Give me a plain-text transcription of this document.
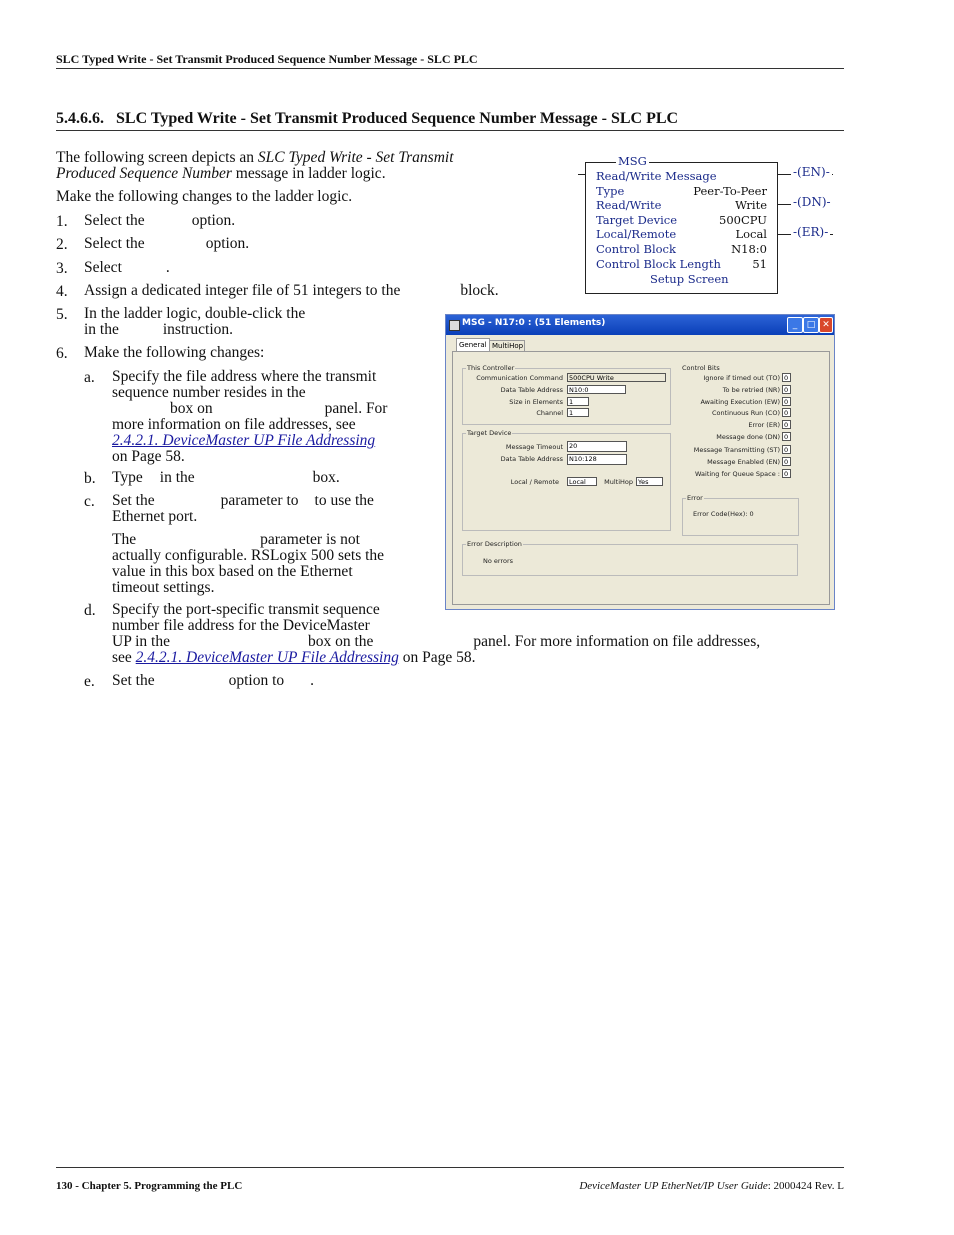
SLC Typed Write - Set Transmit Produced Sequence Number Message - SLC PLC
5.4.6.6. SLC Typed Write - Set Transmit Produced Sequence Number Message - SLC PLC
The following screen depicts an SLC Typed Write - Set Transmit
Produced Sequence Number message in ladder logic.
Make the following changes to the ladder logic.
1. Select the	option.
2. Select the	option.
3. Select	.
4. Assign a dedicated integer file of 51 integers to the	block.
5. In the ladder logic, double-click the
in the	instruction.
6. Make the following changes:
a. Specify the file address where the transmit
sequence number resides in the
box on	panel. For
more information on file addresses, see
2.4.2.1. DeviceMaster UP File Addressing
on Page 58.
b. Type in the	box.
c. Set the	parameter to to use the
Ethernet port.
The	parameter is not
actually configurable. RSLogix 500 sets the
value in this box based on the Ethernet
timeout settings.
d. Specify the port-specific transmit sequence
number file address for the DeviceMaster
UP in the	box on the	panel. For more information on file addresses,
see 2.4.2.1. DeviceMaster UP File Addressing on Page 58.
e. Set the	option to .
MSG
Read/Write Message
Type	Peer-To-Peer
Read/Write	Write
Target Device	500CPU
Local/Remote	Local
Control Block	N18:0
Control Block Length	51
Setup Screen
-(EN)-
-(DN)-
-(ER)-
MSG - N17:0 : (51 Elements)	_	□ ✕
General MultiHop
This Controller
Communication Command 500CPU Write
Data Table Address N10:0
Size in Elements 1
Channel 1
Target Device
Message Timeout 20
Data Table Address N10:128
Local / Remote	Local	MultiHop Yes
Control Bits
Ignore if timed out (TO) 0
To be retried (NR) 0
Awaiting Execution (EW) 0
Continuous Run (CO) 0
Error (ER) 0
Message done (DN) 0
Message Transmitting (ST) 0
Message Enabled (EN) 0
Waiting for Queue Space : 0
Error
Error Code(Hex): 0
Error Description
No errors
130 - Chapter 5. Programming the PLC	DeviceMaster UP EtherNet/IP User Guide: 2000424 Rev. L
